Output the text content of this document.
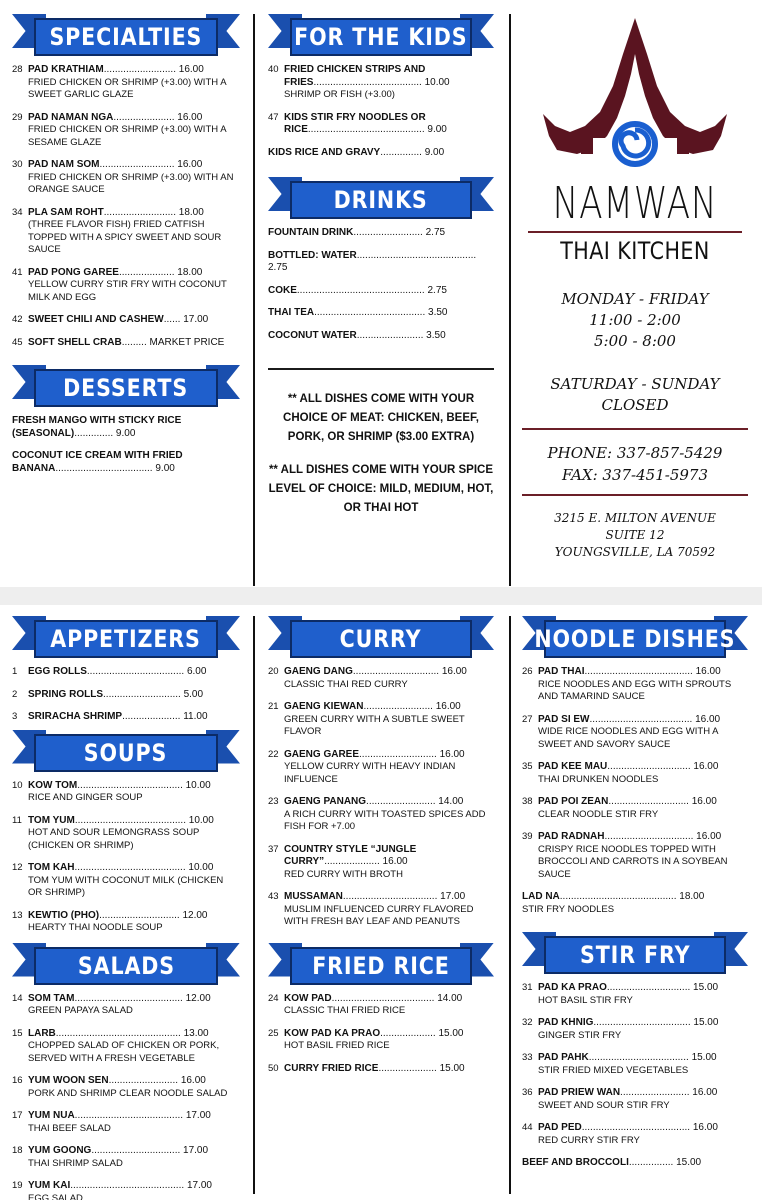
SPECIALTIES
28 PAD KRATHIAM.......................... 16.00
FRIED CHICKEN OR SHRIMP (+3.00) WITH A SWEET GARLIC GLAZE
29 PAD NAMAN NGA...................... 16.00
FRIED CHICKEN OR SHRIMP (+3.00) WITH A SESAME GLAZE
30 PAD NAM SOM........................... 16.00
FRIED CHICKEN OR SHRIMP (+3.00) WITH AN ORANGE SAUCE
34 PLA SAM ROHT.......................... 18.00
(THREE FLAVOR FISH) FRIED CATFISH TOPPED WITH A SPICY SWEET AND SOUR SAUCE
41 PAD PONG GAREE.................... 18.00
YELLOW CURRY STIR FRY WITH COCONUT MILK AND EGG
42 SWEET CHILI AND CASHEW...... 17.00
45 SOFT SHELL CRAB......... MARKET PRICE
DESSERTS
FRESH MANGO WITH STICKY RICE (SEASONAL).............. 9.00
COCONUT ICE CREAM WITH FRIED BANANA................................... 9.00
FOR THE KIDS
40 FRIED CHICKEN STRIPS AND FRIES....................................... 10.00
SHRIMP OR FISH (+3.00)
47 KIDS STIR FRY NOODLES OR RICE.......................................... 9.00
KIDS RICE AND GRAVY............... 9.00
DRINKS
FOUNTAIN DRINK......................... 2.75
BOTTLED: WATER........................................... 2.75
COKE.............................................. 2.75
THAI TEA........................................ 3.50
COCONUT WATER........................ 3.50

** ALL DISHES COME WITH YOUR CHOICE OF MEAT: CHICKEN, BEEF, PORK, OR SHRIMP ($3.00 EXTRA)

** ALL DISHES COME WITH YOUR SPICE LEVEL OF CHOICE: MILD, MEDIUM, HOT, OR THAI HOT

NAMWAN
THAI KITCHEN
MONDAY - FRIDAY
11:00 - 2:00
5:00 - 8:00
SATURDAY - SUNDAY
CLOSED
PHONE: 337-857-5429
FAX: 337-451-5973
3215 E. MILTON AVENUE
SUITE 12
YOUNGSVILLE, LA 70592
APPETIZERS
1 EGG ROLLS................................... 6.00
2 SPRING ROLLS............................ 5.00
3 SRIRACHA SHRIMP..................... 11.00
SOUPS
10 KOW TOM...................................... 10.00
RICE AND GINGER SOUP
11 TOM YUM........................................ 10.00
HOT AND SOUR LEMONGRASS SOUP (CHICKEN OR SHRIMP)
12 TOM KAH........................................ 10.00
TOM YUM WITH COCONUT MILK (CHICKEN OR SHRIMP)
13 KEWTIO (PHO)............................. 12.00
HEARTY THAI NOODLE SOUP
SALADS
14 SOM TAM....................................... 12.00
GREEN PAPAYA SALAD
15 LARB............................................. 13.00
CHOPPED SALAD OF CHICKEN OR PORK, SERVED WITH A FRESH VEGETABLE
16 YUM WOON SEN......................... 16.00
PORK AND SHRIMP CLEAR NOODLE SALAD
17 YUM NUA....................................... 17.00
THAI BEEF SALAD
18 YUM GOONG................................ 17.00
THAI SHRIMP SALAD
19 YUM KAI......................................... 17.00
EGG SALAD
CURRY
20 GAENG DANG............................... 16.00
CLASSIC THAI RED CURRY
21 GAENG KIEWAN......................... 16.00
GREEN CURRY WITH A SUBTLE SWEET FLAVOR
22 GAENG GAREE............................ 16.00
YELLOW CURRY WITH HEAVY INDIAN INFLUENCE
23 GAENG PANANG......................... 14.00
A RICH CURRY WITH TOASTED SPICES ADD FISH FOR +7.00
37 COUNTRY STYLE “JUNGLE CURRY”.................... 16.00
RED CURRY WITH BROTH
43 MUSSAMAN.................................. 17.00
MUSLIM INFLUENCED CURRY FLAVORED WITH FRESH BAY LEAF AND PEANUTS
FRIED RICE
24 KOW PAD..................................... 14.00
CLASSIC THAI FRIED RICE
25 KOW PAD KA PRAO.................... 15.00
HOT BASIL FRIED RICE
50 CURRY FRIED RICE..................... 15.00
NOODLE DISHES
26 PAD THAI....................................... 16.00
RICE NOODLES AND EGG WITH SPROUTS AND TAMARIND SAUCE
27 PAD SI EW..................................... 16.00
WIDE RICE NOODLES AND EGG WITH A SWEET AND SAVORY SAUCE
35 PAD KEE MAU.............................. 16.00
THAI DRUNKEN NOODLES
38 PAD POI ZEAN............................. 16.00
CLEAR NOODLE STIR FRY
39 PAD RADNAH................................ 16.00
CRISPY RICE NOODLES TOPPED WITH BROCCOLI AND CARROTS IN A SOYBEAN SAUCE
LAD NA.......................................... 18.00
STIR FRY NOODLES
STIR FRY
31 PAD KA PRAO.............................. 15.00
HOT BASIL STIR FRY
32 PAD KHNIG................................... 15.00
GINGER STIR FRY
33 PAD PAHK.................................... 15.00
STIR FRIED MIXED VEGETABLES
36 PAD PRIEW WAN......................... 16.00
SWEET AND SOUR STIR FRY
44 PAD PED....................................... 16.00
RED CURRY STIR FRY
BEEF AND BROCCOLI................ 15.00
